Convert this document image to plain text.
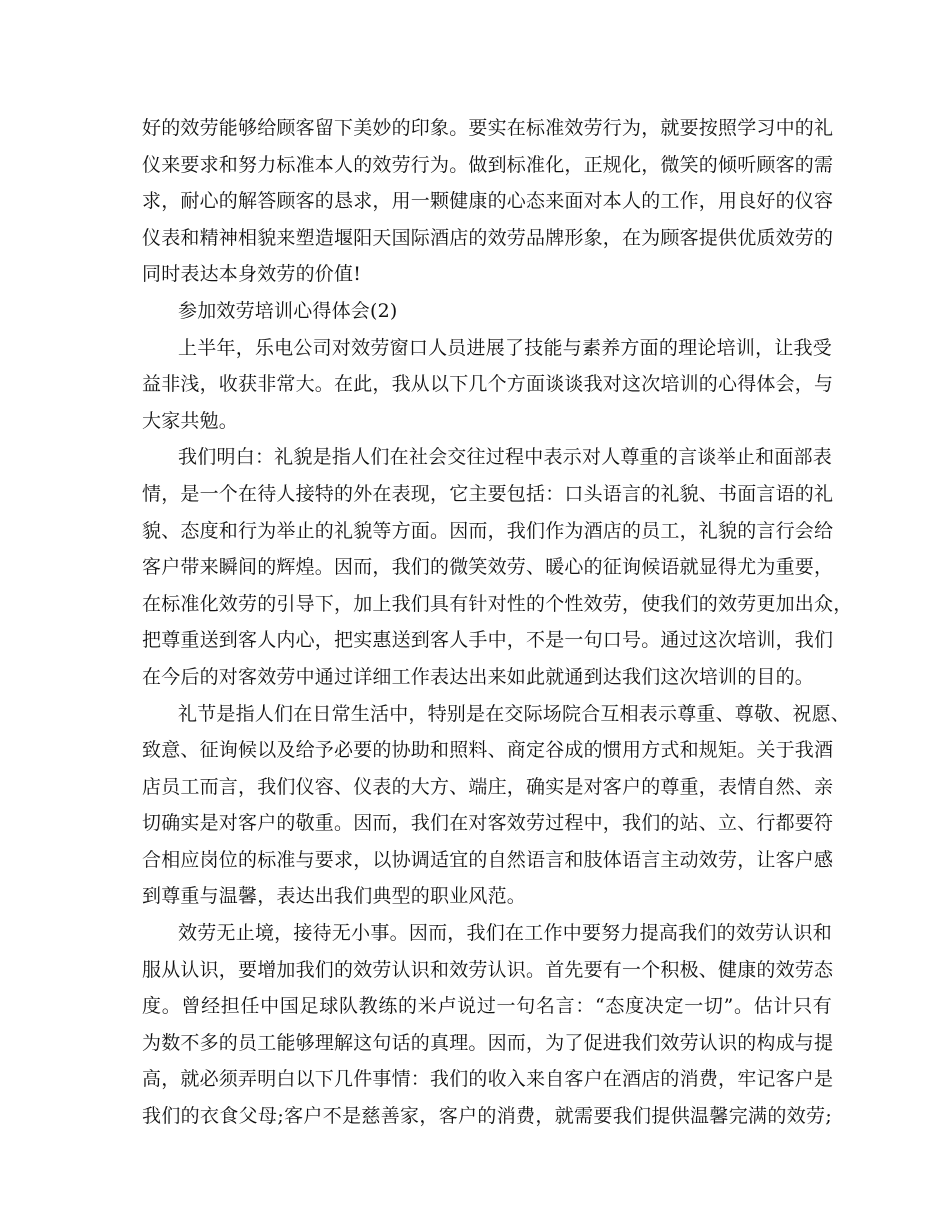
好的效劳能够给顾客留下美妙的印象。要实在标准效劳行为，就要按照学习中的礼
仪来要求和努力标准本人的效劳行为。做到标准化，正规化，微笑的倾听顾客的需
求，耐心的解答顾客的恳求，用一颗健康的心态来面对本人的工作，用良好的仪容
仪表和精神相貌来塑造堰阳天国际酒店的效劳品牌形象，在为顾客提供优质效劳的
同时表达本身效劳的价值!
参加效劳培训心得体会(2)
上半年，乐电公司对效劳窗口人员进展了技能与素养方面的理论培训，让我受
益非浅，收获非常大。在此，我从以下几个方面谈谈我对这次培训的心得体会，与
大家共勉。
我们明白：礼貌是指人们在社会交往过程中表示对人尊重的言谈举止和面部表
情，是一个在待人接特的外在表现，它主要包括：口头语言的礼貌、书面言语的礼
貌、态度和行为举止的礼貌等方面。因而，我们作为酒店的员工，礼貌的言行会给
客户带来瞬间的辉煌。因而，我们的微笑效劳、暖心的征询候语就显得尤为重要，
在标准化效劳的引导下，加上我们具有针对性的个性效劳，使我们的效劳更加出众，
把尊重送到客人内心，把实惠送到客人手中，不是一句口号。通过这次培训，我们
在今后的对客效劳中通过详细工作表达出来如此就通到达我们这次培训的目的。
礼节是指人们在日常生活中，特别是在交际场院合互相表示尊重、尊敬、祝愿、
致意、征询候以及给予必要的协助和照料、商定谷成的惯用方式和规矩。关于我酒
店员工而言，我们仪容、仪表的大方、端庄，确实是对客户的尊重，表情自然、亲
切确实是对客户的敬重。因而，我们在对客效劳过程中，我们的站、立、行都要符
合相应岗位的标准与要求，以协调适宜的自然语言和肢体语言主动效劳，让客户感
到尊重与温馨，表达出我们典型的职业风范。
效劳无止境，接待无小事。因而，我们在工作中要努力提高我们的效劳认识和
服从认识，要增加我们的效劳认识和效劳认识。首先要有一个积极、健康的效劳态
度。曾经担任中国足球队教练的米卢说过一句名言：“态度决定一切”。估计只有
为数不多的员工能够理解这句话的真理。因而，为了促进我们效劳认识的构成与提
高，就必须弄明白以下几件事情：我们的收入来自客户在酒店的消费，牢记客户是
我们的衣食父母;客户不是慈善家，客户的消费，就需要我们提供温馨完满的效劳;
